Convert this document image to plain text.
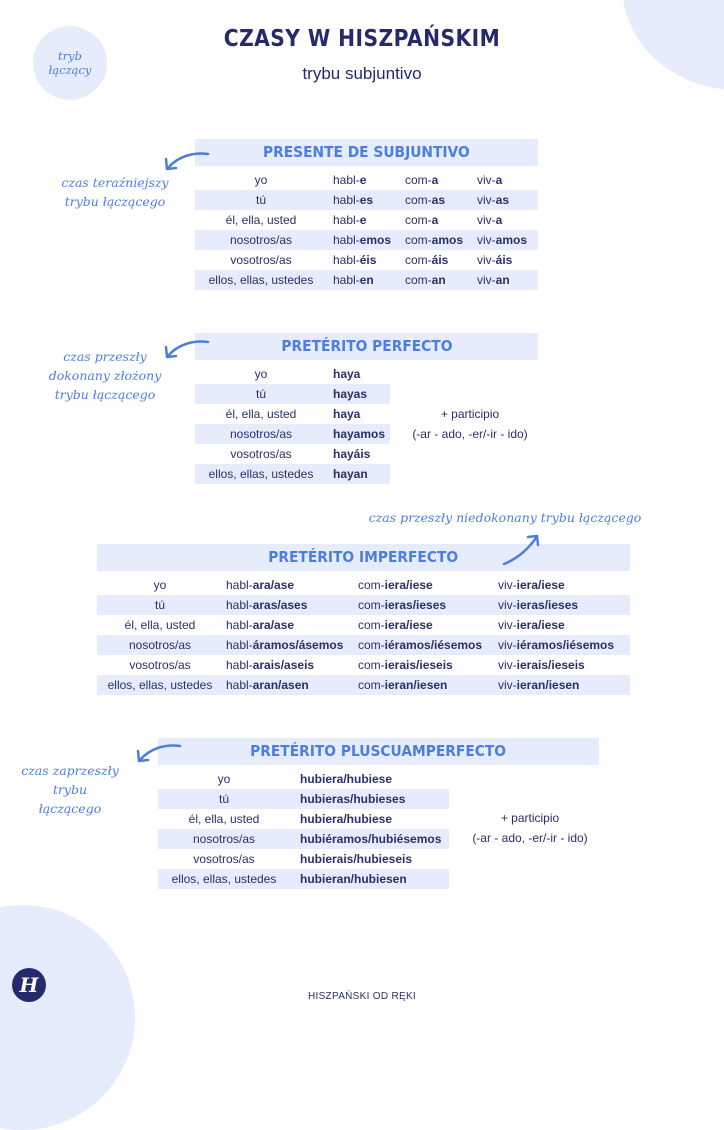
tryb
łączący
CZASY W HISZPAŃSKIM
trybu subjuntivo
PRESENTE DE SUBJUNTIVO
yo	habl-e	com-a	viv-a
tú	habl-es	com-as	viv-as
él, ella, usted	habl-e	com-a	viv-a
nosotros/as	habl-emos	com-amos	viv-amos
vosotros/as	habl-éis	com-áis	viv-áis
ellos, ellas, ustedes	habl-en	com-an	viv-an
czas teraźniejszy
trybu łączącego
PRETÉRITO PERFECTO
yo	haya
tú	hayas
él, ella, usted	haya
nosotros/as	hayamos
vosotros/as	hayáis
ellos, ellas, ustedes	hayan
czas przeszły
dokonany złożony
trybu łączącego
+ participio
(-ar - ado, -er/-ir - ido)
PRETÉRITO IMPERFECTO
yo	habl-ara/ase	com-iera/iese	viv-iera/iese
tú	habl-aras/ases	com-ieras/ieses	viv-ieras/ieses
él, ella, usted	habl-ara/ase	com-iera/iese	viv-iera/iese
nosotros/as	habl-áramos/ásemos	com-iéramos/iésemos	viv-iéramos/iésemos
vosotros/as	habl-arais/aseis	com-ierais/ieseis	viv-ierais/ieseis
ellos, ellas, ustedes	habl-aran/asen	com-ieran/iesen	viv-ieran/iesen
czas przeszły niedokonany trybu łączącego
PRETÉRITO PLUSCUAMPERFECTO
yo	hubiera/hubiese
tú	hubieras/hubieses
él, ella, usted	hubiera/hubiese
nosotros/as	hubiéramos/hubiésemos
vosotros/as	hubierais/hubieseis
ellos, ellas, ustedes	hubieran/hubiesen
czas zaprzeszły
trybu
łączącego
+ participio
(-ar - ado, -er/-ir - ido)
H	HISZPAŃSKI OD RĘKI
